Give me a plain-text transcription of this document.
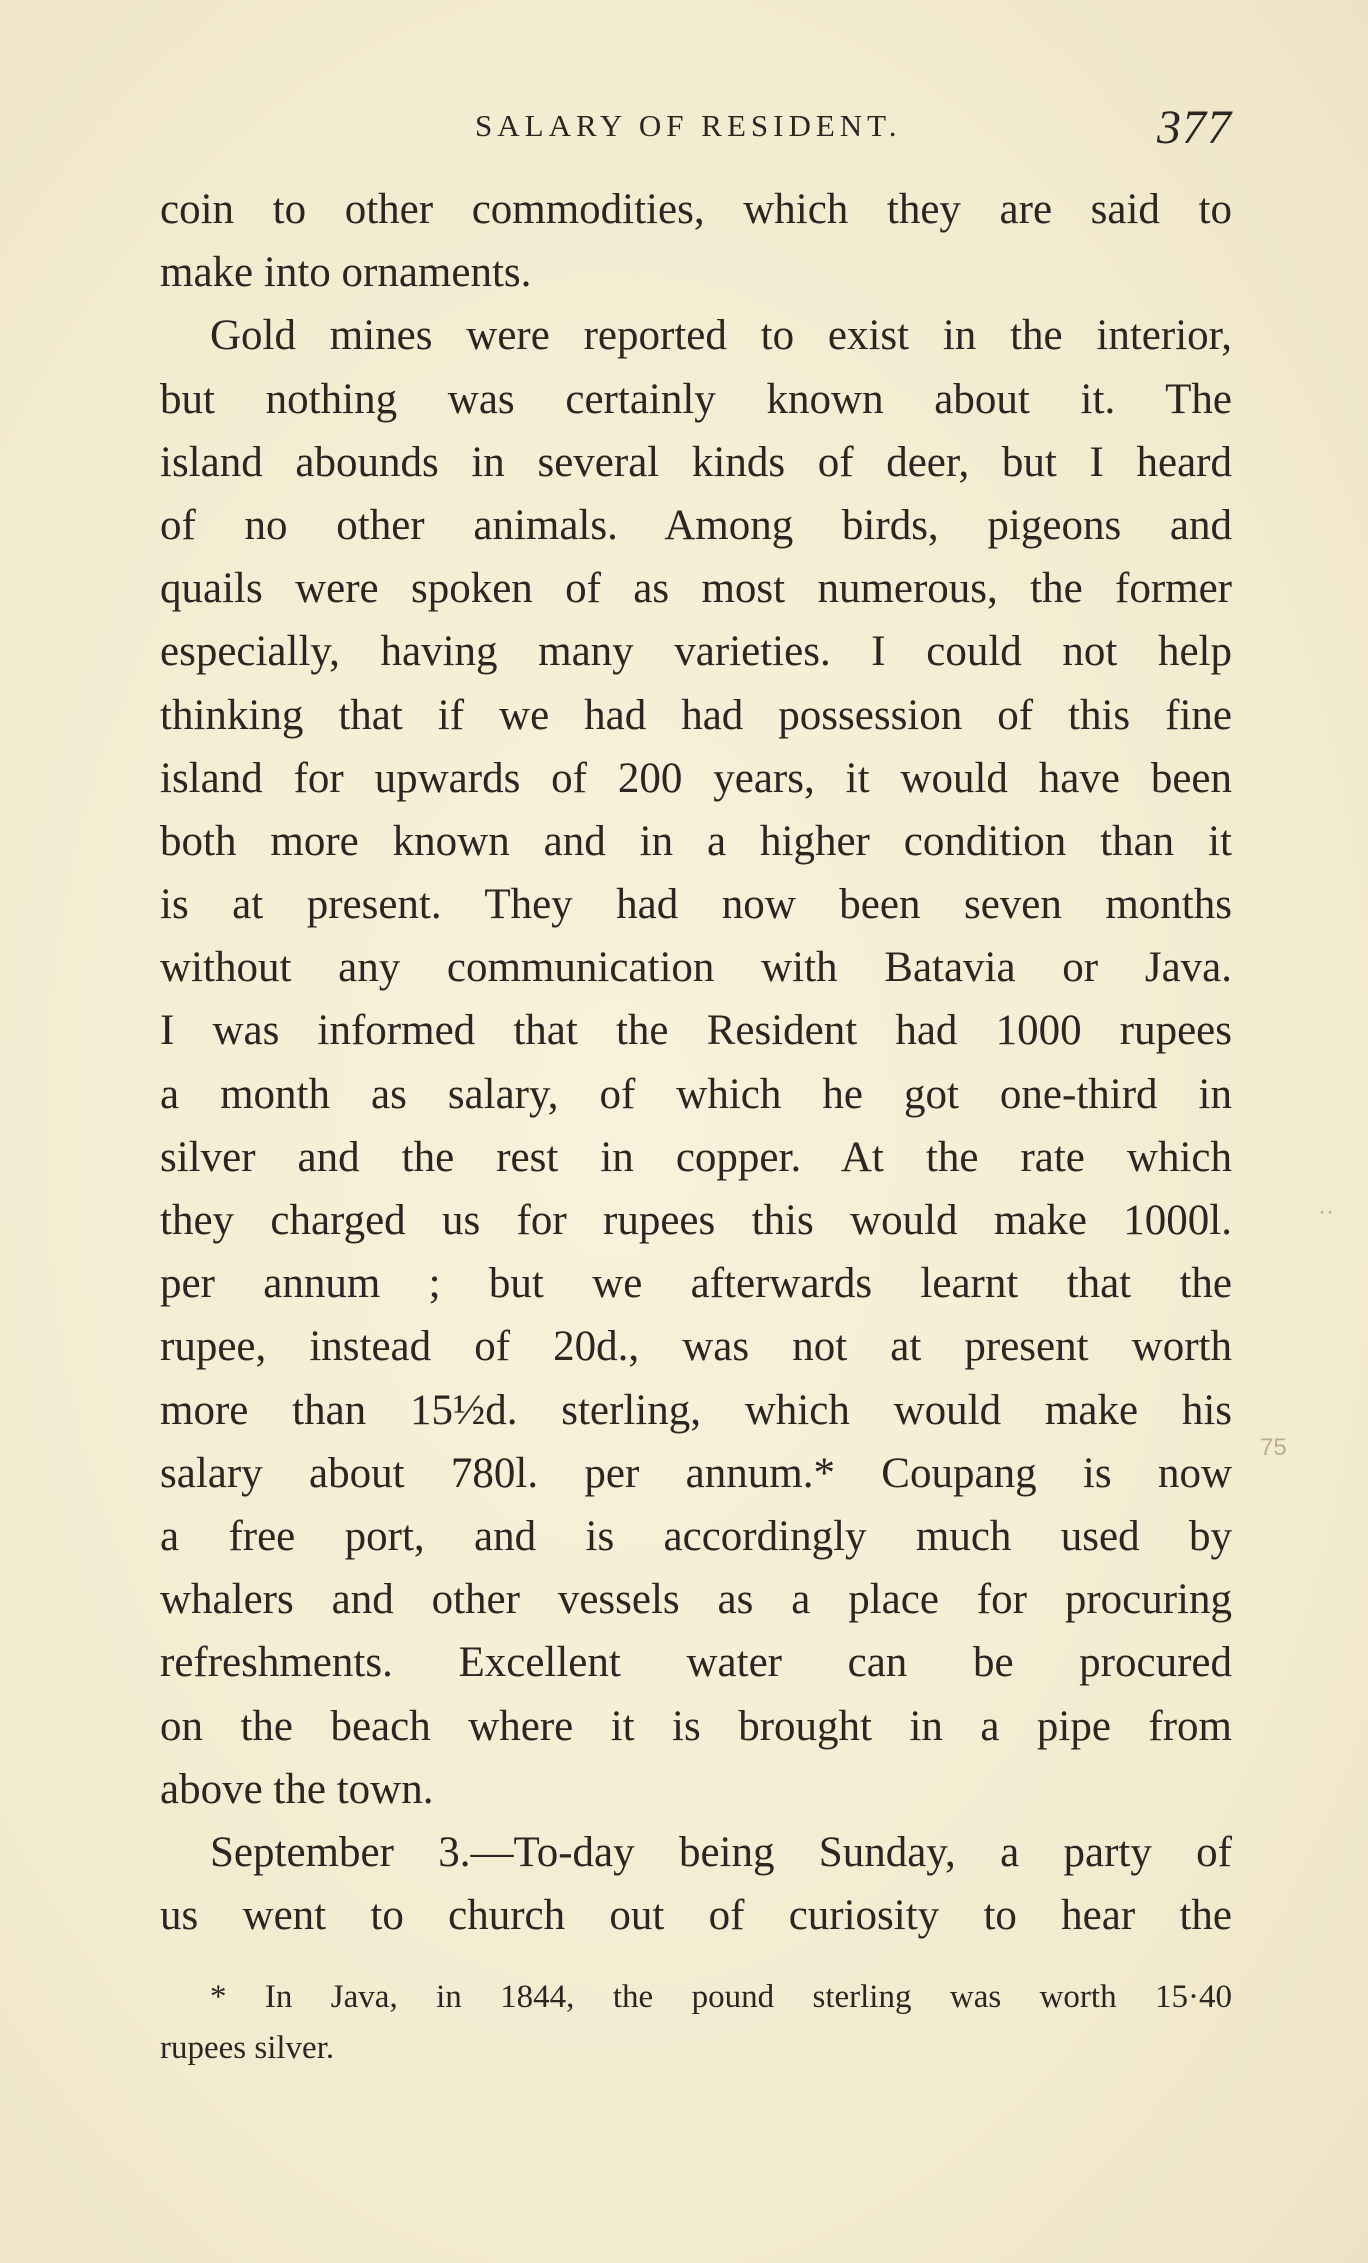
SALARY OF RESIDENT.	377
coin to other commodities, which they are said to
make into ornaments.
Gold mines were reported to exist in the interior,
but nothing was certainly known about it. The
island abounds in several kinds of deer, but I heard
of no other animals. Among birds, pigeons and
quails were spoken of as most numerous, the former
especially, having many varieties. I could not help
thinking that if we had had possession of this fine
island for upwards of 200 years, it would have been
both more known and in a higher condition than it
is at present. They had now been seven months
without any communication with Batavia or Java.
I was informed that the Resident had 1000 rupees
a month as salary, of which he got one-third in
silver and the rest in copper. At the rate which
they charged us for rupees this would make 1000l.
per annum ; but we afterwards learnt that the
rupee, instead of 20d., was not at present worth
more than 15½d. sterling, which would make his
salary about 780l. per annum.* Coupang is now
a free port, and is accordingly much used by
whalers and other vessels as a place for procuring
refreshments. Excellent water can be procured
on the beach where it is brought in a pipe from
above the town.
September 3.—To-day being Sunday, a party of
us went to church out of curiosity to hear the
* In Java, in 1844, the pound sterling was worth 15·40
rupees silver.
··
75
